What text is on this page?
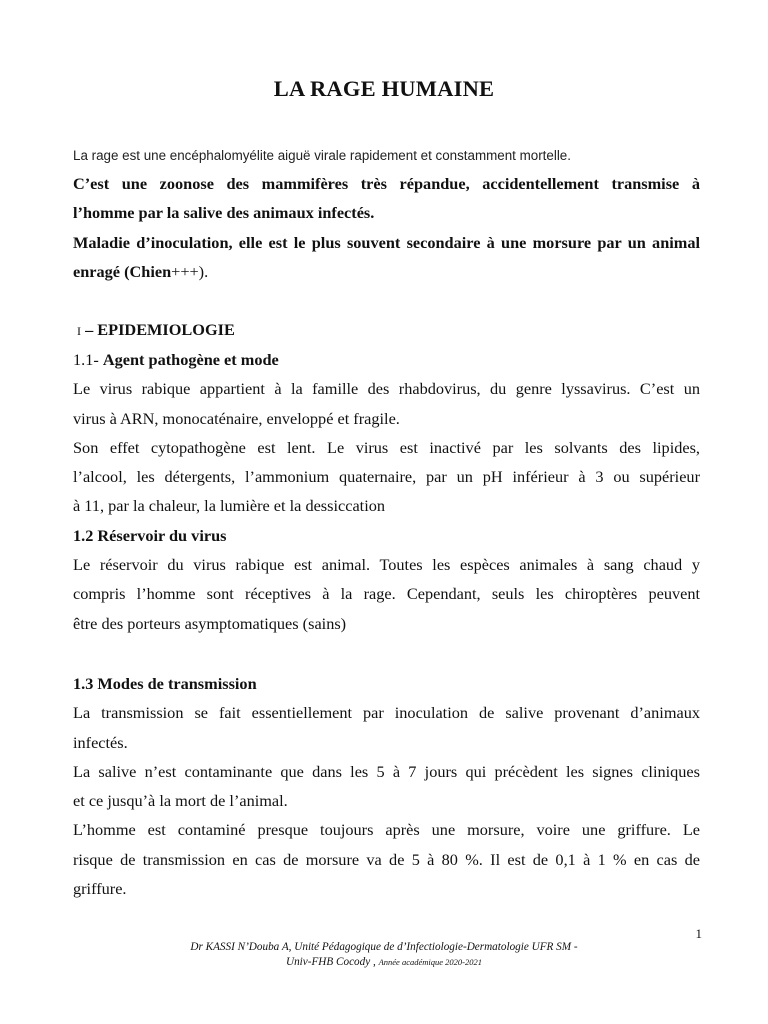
LA RAGE HUMAINE
La rage est une encéphalomyélite aiguë virale rapidement et constamment mortelle.
C’est une zoonose des mammifères très répandue, accidentellement transmise à
l’homme par la salive des animaux infectés.
Maladie d’inoculation, elle est le plus souvent secondaire à une morsure par un animal
enragé (Chien+++).
I – EPIDEMIOLOGIE
1.1- Agent pathogène et mode
Le virus rabique appartient à la famille des rhabdovirus, du genre lyssavirus. C’est un
virus à ARN, monocaténaire, enveloppé et fragile.
Son effet cytopathogène est lent. Le virus est inactivé par les solvants des lipides,
l’alcool, les détergents, l’ammonium quaternaire, par un pH inférieur à 3 ou supérieur
à 11, par la chaleur, la lumière et la dessiccation
1.2 Réservoir du virus
Le réservoir du virus rabique est animal. Toutes les espèces animales à sang chaud y
compris l’homme sont réceptives à la rage. Cependant, seuls les chiroptères peuvent
être des porteurs asymptomatiques (sains)
1.3 Modes de transmission
La transmission se fait essentiellement par inoculation de salive provenant d’animaux
infectés.
La salive n’est contaminante que dans les 5 à 7 jours qui précèdent les signes cliniques
et ce jusqu’à la mort de l’animal.
L’homme est contaminé presque toujours après une morsure, voire une griffure. Le
risque de transmission en cas de morsure va de 5 à 80 %. Il est de 0,1 à 1 % en cas de
griffure.
1
Dr KASSI N’Douba A, Unité Pédagogique de d’Infectiologie-Dermatologie UFR SM -
Univ-FHB Cocody , Année académique 2020-2021
